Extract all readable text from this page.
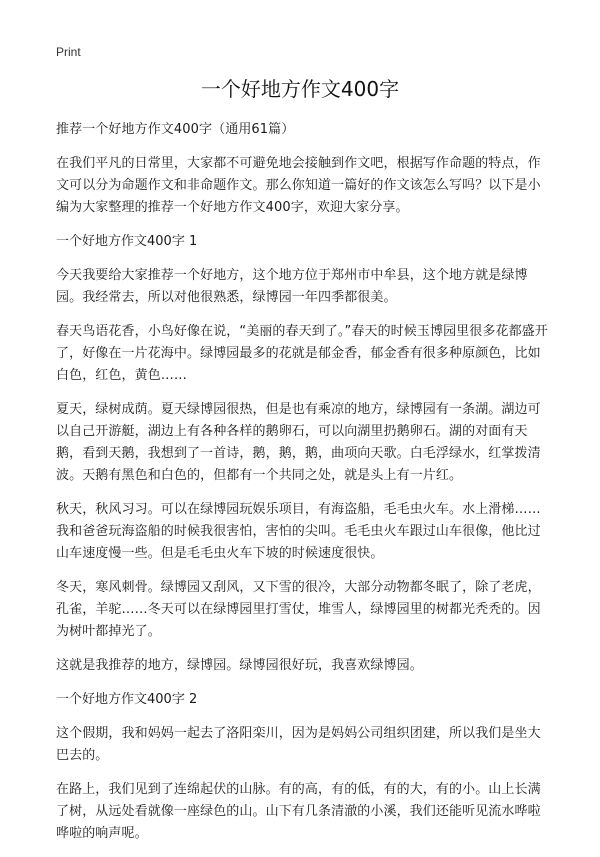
Print
一个好地方作文400字

推荐一个好地方作文400字（通用61篇）

在我们平凡的日常里，大家都不可避免地会接触到作文吧，根据写作命题的特点，作文可以分为命题作文和非命题作文。那么你知道一篇好的作文该怎么写吗？以下是小编为大家整理的推荐一个好地方作文400字，欢迎大家分享。

一个好地方作文400字 1

今天我要给大家推荐一个好地方，这个地方位于郑州市中牟县，这个地方就是绿博园。我经常去，所以对他很熟悉，绿博园一年四季都很美。

春天鸟语花香，小鸟好像在说，“美丽的春天到了。”春天的时候玉博园里很多花都盛开了，好像在一片花海中。绿博园最多的花就是郁金香，郁金香有很多种原颜色，比如白色，红色，黄色……

夏天，绿树成荫。夏天绿博园很热，但是也有乘凉的地方，绿博园有一条湖。湖边可以自己开游艇，湖边上有各种各样的鹅卵石，可以向湖里扔鹅卵石。湖的对面有天鹅，看到天鹅，我想到了一首诗，鹅，鹅，鹅，曲项向天歌。白毛浮绿水，红掌拨清波。天鹅有黑色和白色的，但都有一个共同之处，就是头上有一片红。

秋天，秋风习习。可以在绿博园玩娱乐项目，有海盗船，毛毛虫火车。水上滑梯……我和爸爸玩海盗船的时候我很害怕，害怕的尖叫。毛毛虫火车跟过山车很像，他比过山车速度慢一些。但是毛毛虫火车下坡的时候速度很快。

冬天，寒风刺骨。绿博园又刮风，又下雪的很冷，大部分动物都冬眠了，除了老虎，孔雀，羊驼……冬天可以在绿博园里打雪仗，堆雪人，绿博园里的树都光秃秃的。因为树叶都掉光了。

这就是我推荐的地方，绿博园。绿博园很好玩，我喜欢绿博园。

一个好地方作文400字 2

这个假期，我和妈妈一起去了洛阳栾川，因为是妈妈公司组织团建，所以我们是坐大巴去的。

在路上，我们见到了连绵起伏的山脉。有的高，有的低，有的大，有的小。山上长满了树，从远处看就像一座绿色的山。山下有几条清澈的小溪，我们还能听见流水哗啦哗啦的响声呢。
